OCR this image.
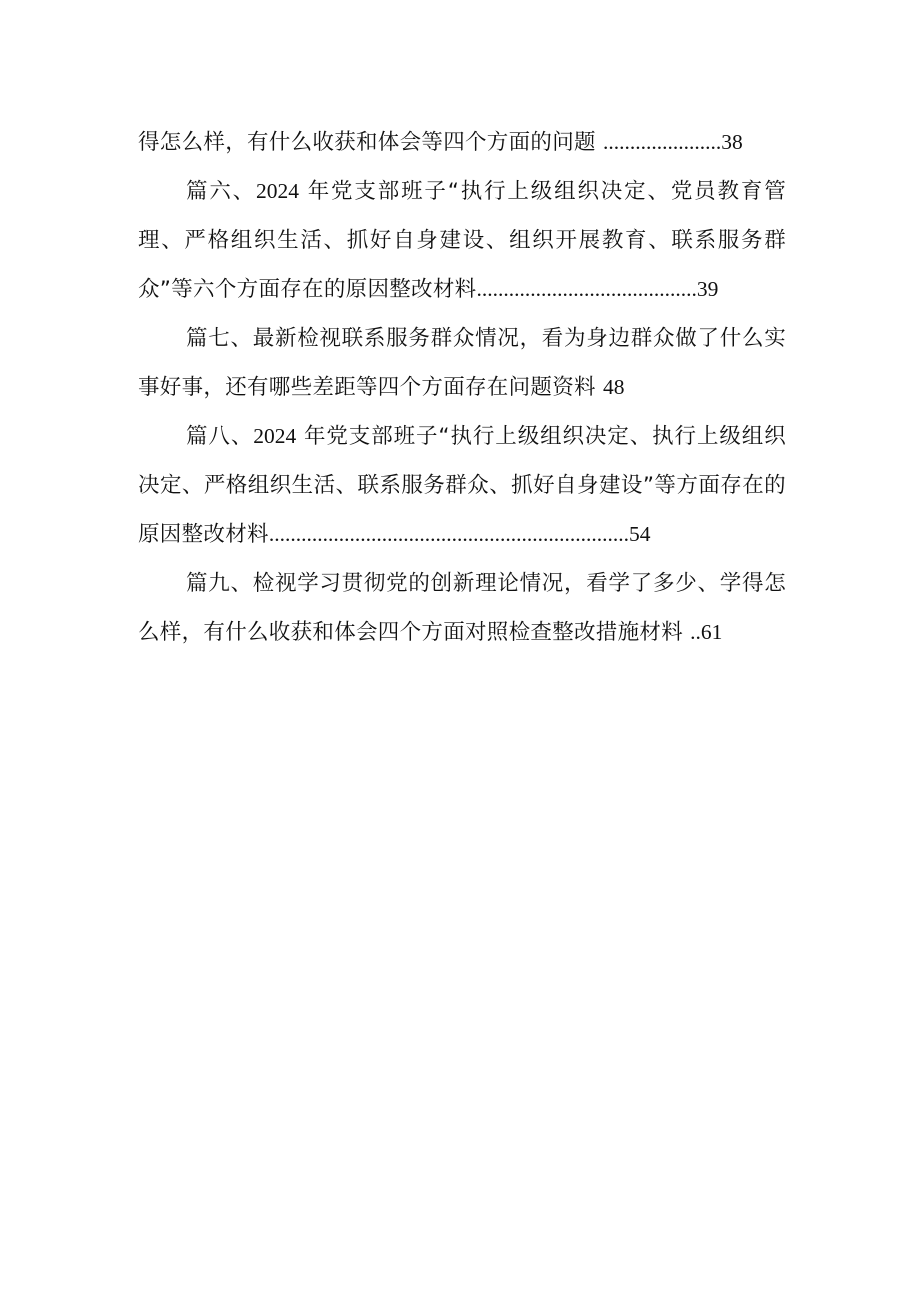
得怎么样，有什么收获和体会等四个方面的问题 ......................38

篇六、2024 年党支部班子“执行上级组织决定、党员教育管理、严格组织生活、抓好自身建设、组织开展教育、联系服务群众”等六个方面存在的原因整改材料.........................................39

篇七、最新检视联系服务群众情况，看为身边群众做了什么实事好事，还有哪些差距等四个方面存在问题资料 48

篇八、2024 年党支部班子“执行上级组织决定、执行上级组织决定、严格组织生活、联系服务群众、抓好自身建设”等方面存在的原因整改材料...................................................................54

篇九、检视学习贯彻党的创新理论情况，看学了多少、学得怎么样，有什么收获和体会四个方面对照检查整改措施材料 ..61
